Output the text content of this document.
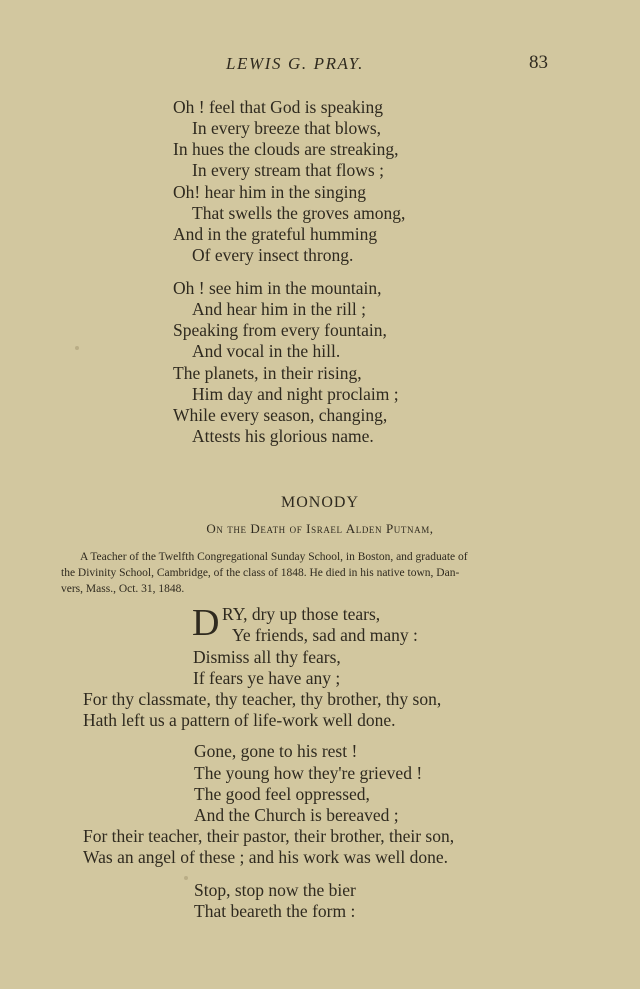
LEWIS G. PRAY.	83
Oh ! feel that God is speaking
In every breeze that blows,
In hues the clouds are streaking,
In every stream that flows ;
Oh! hear him in the singing
That swells the groves among,
And in the grateful humming
Of every insect throng.
Oh ! see him in the mountain,
And hear him in the rill ;
Speaking from every fountain,
And vocal in the hill.
The planets, in their rising,
Him day and night proclaim ;
While every season, changing,
Attests his glorious name.
MONODY
On the Death of Israel Alden Putnam,
A Teacher of the Twelfth Congregational Sunday School, in Boston, and graduate of
the Divinity School, Cambridge, of the class of 1848. He died in his native town, Dan-
vers, Mass., Oct. 31, 1848.
D RY, dry up those tears,
Ye friends, sad and many :
Dismiss all thy fears,
If fears ye have any ;
For thy classmate, thy teacher, thy brother, thy son,
Hath left us a pattern of life-work well done.
Gone, gone to his rest !
The young how they're grieved !
The good feel oppressed,
And the Church is bereaved ;
For their teacher, their pastor, their brother, their son,
Was an angel of these ; and his work was well done.
Stop, stop now the bier
That beareth the form :
